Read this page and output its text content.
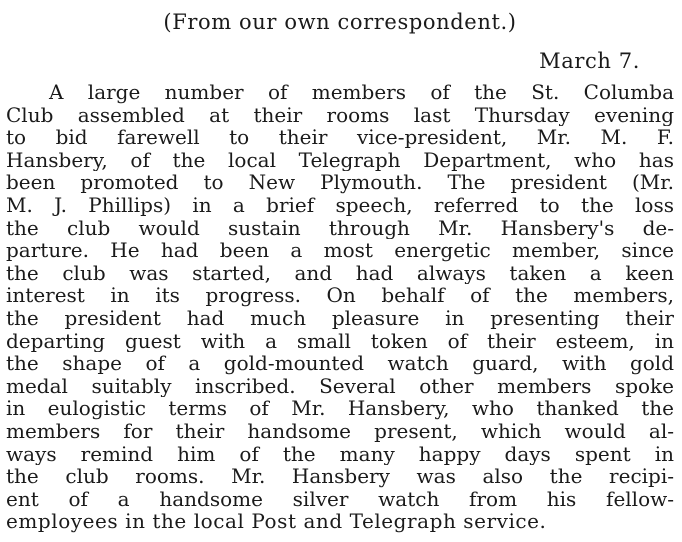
(From our own correspondent.)
March 7.
A large number of members of the St. Columba
Club assembled at their rooms last Thursday evening
to bid farewell to their vice-president, Mr. M. F.
Hansbery, of the local Telegraph Department, who has
been promoted to New Plymouth. The president (Mr.
M. J. Phillips) in a brief speech, referred to the loss
the club would sustain through Mr. Hansbery's de-
parture. He had been a most energetic member, since
the club was started, and had always taken a keen
interest in its progress. On behalf of the members,
the president had much pleasure in presenting their
departing guest with a small token of their esteem, in
the shape of a gold-mounted watch guard, with gold
medal suitably inscribed. Several other members spoke
in eulogistic terms of Mr. Hansbery, who thanked the
members for their handsome present, which would al-
ways remind him of the many happy days spent in
the club rooms. Mr. Hansbery was also the recipi-
ent of a handsome silver watch from his fellow-
employees in the local Post and Telegraph service.
